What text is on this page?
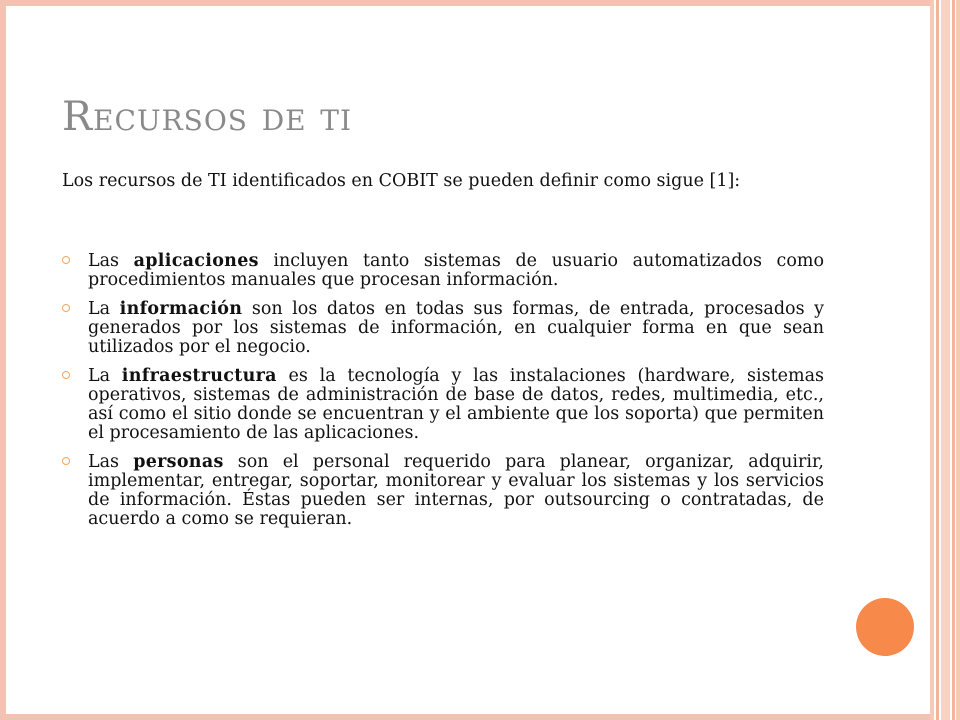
Recursos de ti
Los recursos de TI identificados en COBIT se pueden definir como sigue [1]:
Las aplicaciones incluyen tanto sistemas de usuario automatizados como procedimientos manuales que procesan información.
La información son los datos en todas sus formas, de entrada, procesados y generados por los sistemas de información, en cualquier forma en que sean utilizados por el negocio.
La infraestructura es la tecnología y las instalaciones (hardware, sistemas operativos, sistemas de administración de base de datos, redes, multimedia, etc., así como el sitio donde se encuentran y el ambiente que los soporta) que permiten el procesamiento de las aplicaciones.
Las personas son el personal requerido para planear, organizar, adquirir, implementar, entregar, soportar, monitorear y evaluar los sistemas y los servicios de información. Éstas pueden ser internas, por outsourcing o contratadas, de acuerdo a como se requieran.
